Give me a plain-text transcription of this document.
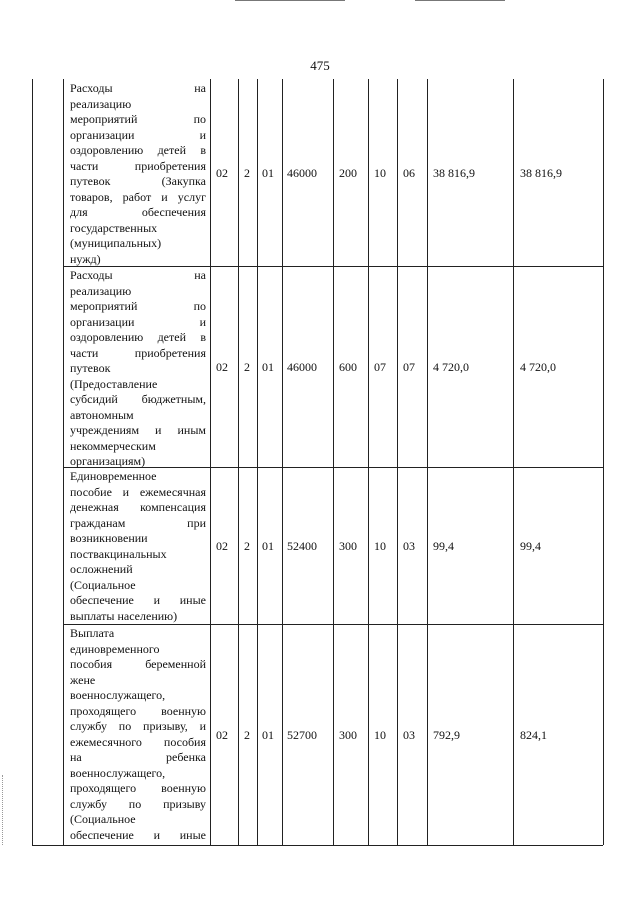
475
Расходы на
реализацию
мероприятий по
организации и
оздоровлению детей в
части приобретения
путевок (Закупка
товаров, работ и услуг
для обеспечения
государственных
(муниципальных)
нужд)
02 2 01 46000 200 10 06 38 816,9	38 816,9
Расходы на
реализацию
мероприятий по
организации и
оздоровлению детей в
части приобретения
путевок
(Предоставление
субсидий бюджетным,
автономным
учреждениям и иным
некоммерческим
организациям)
02 2 01 46000 600 07 07 4 720,0	4 720,0
Единовременное
пособие и ежемесячная
денежная компенсация
гражданам при
возникновении
поствакцинальных
осложнений
(Социальное
обеспечение и иные
выплаты населению)
02 2 01 52400 300 10 03 99,4	99,4
Выплата
единовременного
пособия беременной
жене
военнослужащего,
проходящего военную
службу по призыву, и
ежемесячного пособия
на ребенка
военнослужащего,
проходящего военную
службу по призыву
(Социальное
обеспечение и иные
02 2 01 52700 300 10 03 792,9	824,1
